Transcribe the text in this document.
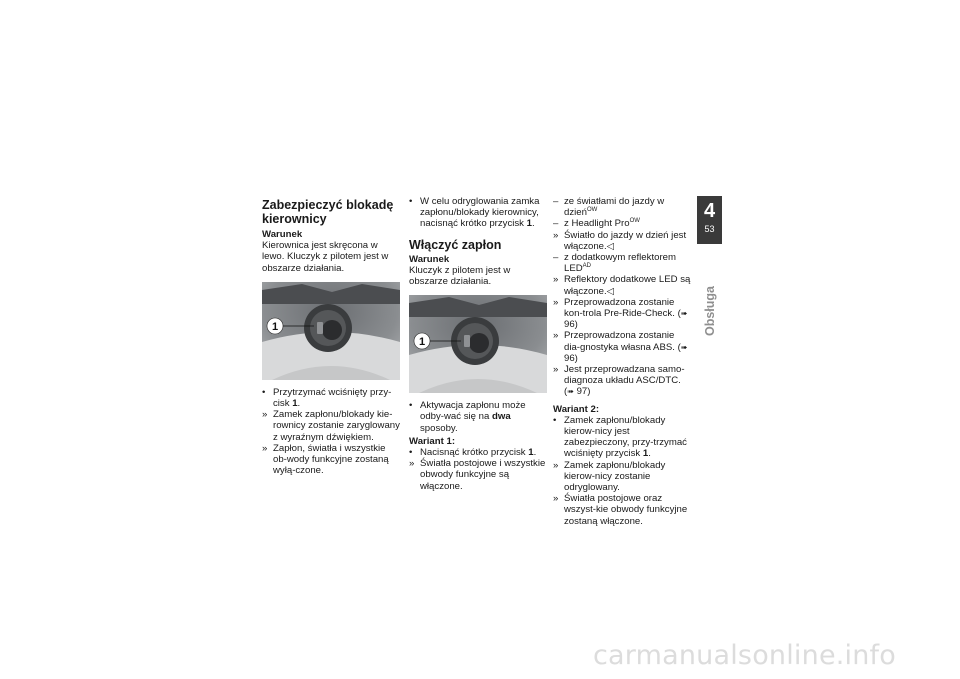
Zabezpieczyć blokadę kierownicy
Warunek

Kierownica jest skręcona w lewo. Kluczyk z pilotem jest w obszarze działania.

1
• Przytrzymać wciśnięty przy-cisk 1.
» Zamek zapłonu/blokady kie-rownicy zostanie zaryglowany z wyraźnym dźwiękiem.
» Zapłon, światła i wszystkie ob-wody funkcyjne zostaną wyłą-czone.
• W celu odryglowania zamka zapłonu/blokady kierownicy, nacisnąć krótko przycisk 1.
Włączyć zapłon
Warunek

Kluczyk z pilotem jest w obszarze działania.

1
• Aktywacja zapłonu może odby-wać się na dwa sposoby.
Wariant 1:
• Nacisnąć krótko przycisk 1.
» Światła postojowe i wszystkie obwody funkcyjne są włączone.
– ze światłami do jazdy w dzień$^{OW}$
– z Headlight Pro$^{OW}$
» Światło do jazdy w dzień jest włączone.◁
– z dodatkowym reflektorem $LED^{AD}$
» Reflektory dodatkowe LED są włączone.◁
» Przeprowadzona zostanie kon-trola Pre-Ride-Check. (➠ 96)
» Przeprowadzona zostanie dia-gnostyka własna ABS. (➠ 96)
» Jest przeprowadzana samo-diagnoza układu ASC/DTC.
(➠ 97)
Wariant 2:
• Zamek zapłonu/blokady kierow-nicy jest zabezpieczony, przy-trzymać wciśnięty przycisk 1.
» Zamek zapłonu/blokady kierow-nicy zostanie odryglowany.
» Światła postojowe oraz wszyst-kie obwody funkcyjne zostaną włączone.
4
53
Obsługa
carmanualsonline.info
